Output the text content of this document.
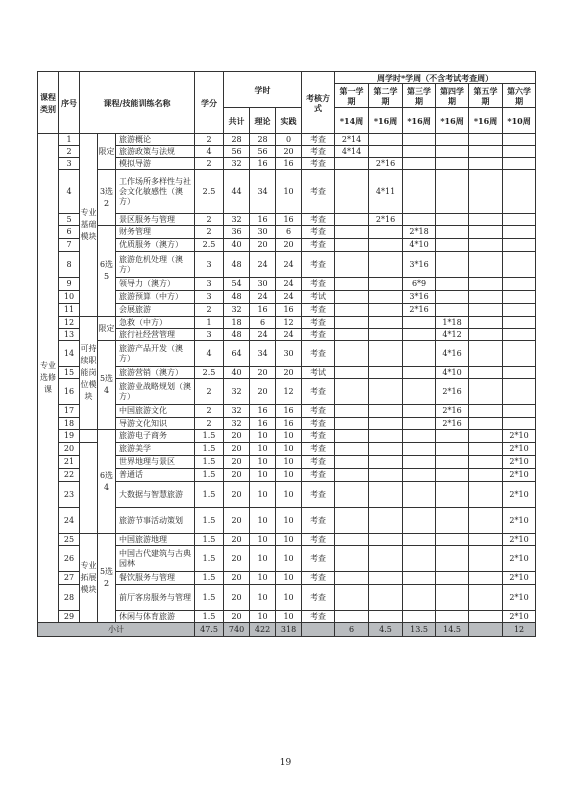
课程类别	序号	课程/技能训练名称			学分	学时			考核方式	周学时*学周（不含考试考查周）					
										第一学期	第二学期	第三学期	第四学期	第五学期	第六学期
						共计	理论	实践		*14周	*16周	*16周	*16周	*16周	*10周
专业选修课	1	专业基础模块	限定	旅游概论	2	28	28	0	考查	2*14					
	2			旅游政策与法规	4	56	56	20	考查	4*14					
	3			模拟导游	2	32	16	16	考查		2*16				
	4		3选2	工作场所多样性与社会文化敏感性（澳方）	2.5	44	34	10	考查		4*11				
	5			景区服务与管理	2	32	16	16	考查		2*16				
	6		6选5	财务管理	2	36	30	6	考查			2*18			
	7			优质服务（澳方）	2.5	40	20	20	考查			4*10			
	8			旅游危机处理（澳方）	3	48	24	24	考查			3*16			
	9			领导力（澳方）	3	54	30	24	考查			6*9			
	10			旅游预算（中方）	3	48	24	24	考试			3*16			
	11			会展旅游	2	32	16	16	考查			2*16			
	12	可持续职能岗位模块	限定	急救（中方）	1	18	6	12	考查				1*18		
	13			旅行社经营管理	3	48	24	24	考查				4*12		
	14		5选4	旅游产品开发（澳方）	4	64	34	30	考查				4*16		
	15			旅游营销（澳方）	2.5	40	20	20	考试				4*10		
	16			旅游业战略规划（澳方）	2	32	20	12	考查				2*16		
	17			中国旅游文化	2	32	16	16	考查				2*16		
	18			导游文化知识	2	32	16	16	考查				2*16		
	19		6选4	旅游电子商务	1.5	20	10	10	考查						2*10
	20			旅游美学	1.5	20	10	10	考查						2*10
	21			世界地理与景区	1.5	20	10	10	考查						2*10
	22			普通话	1.5	20	10	10	考查						2*10
	23			大数据与智慧旅游	1.5	20	10	10	考查						2*10
	24			旅游节事活动策划	1.5	20	10	10	考查						2*10
	25	专业拓展模块	5选2	中国旅游地理	1.5	20	10	10	考查						2*10
	26			中国古代建筑与古典园林	1.5	20	10	10	考查						2*10
	27			餐饮服务与管理	1.5	20	10	10	考查						2*10
	28			前厅客房服务与管理	1.5	20	10	10	考查						2*10
	29			休闲与体育旅游	1.5	20	10	10	考查						2*10
小计					47.5	740	422	318		6	4.5	13.5	14.5		12
19
